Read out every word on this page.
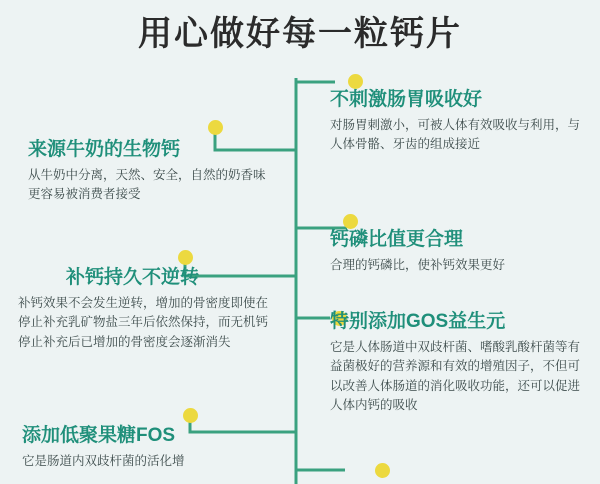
用心做好每一粒钙片
来源牛奶的生物钙
从牛奶中分离，天然、安全，自然的奶香味更容易被消费者接受
不刺激肠胃吸收好
对肠胃刺激小，可被人体有效吸收与利用，与人体骨骼、牙齿的组成接近
钙磷比值更合理
合理的钙磷比，使补钙效果更好
补钙持久不逆转
补钙效果不会发生逆转，增加的骨密度即使在停止补充乳矿物盐三年后依然保持，而无机钙停止补充后已增加的骨密度会逐渐消失
特别添加GOS益生元
它是人体肠道中双歧杆菌、嗜酸乳酸杆菌等有益菌极好的营养源和有效的增殖因子，不但可以改善人体肠道的消化吸收功能，还可以促进人体内钙的吸收
添加低聚果糖FOS
它是肠道内双歧杆菌的活化增
